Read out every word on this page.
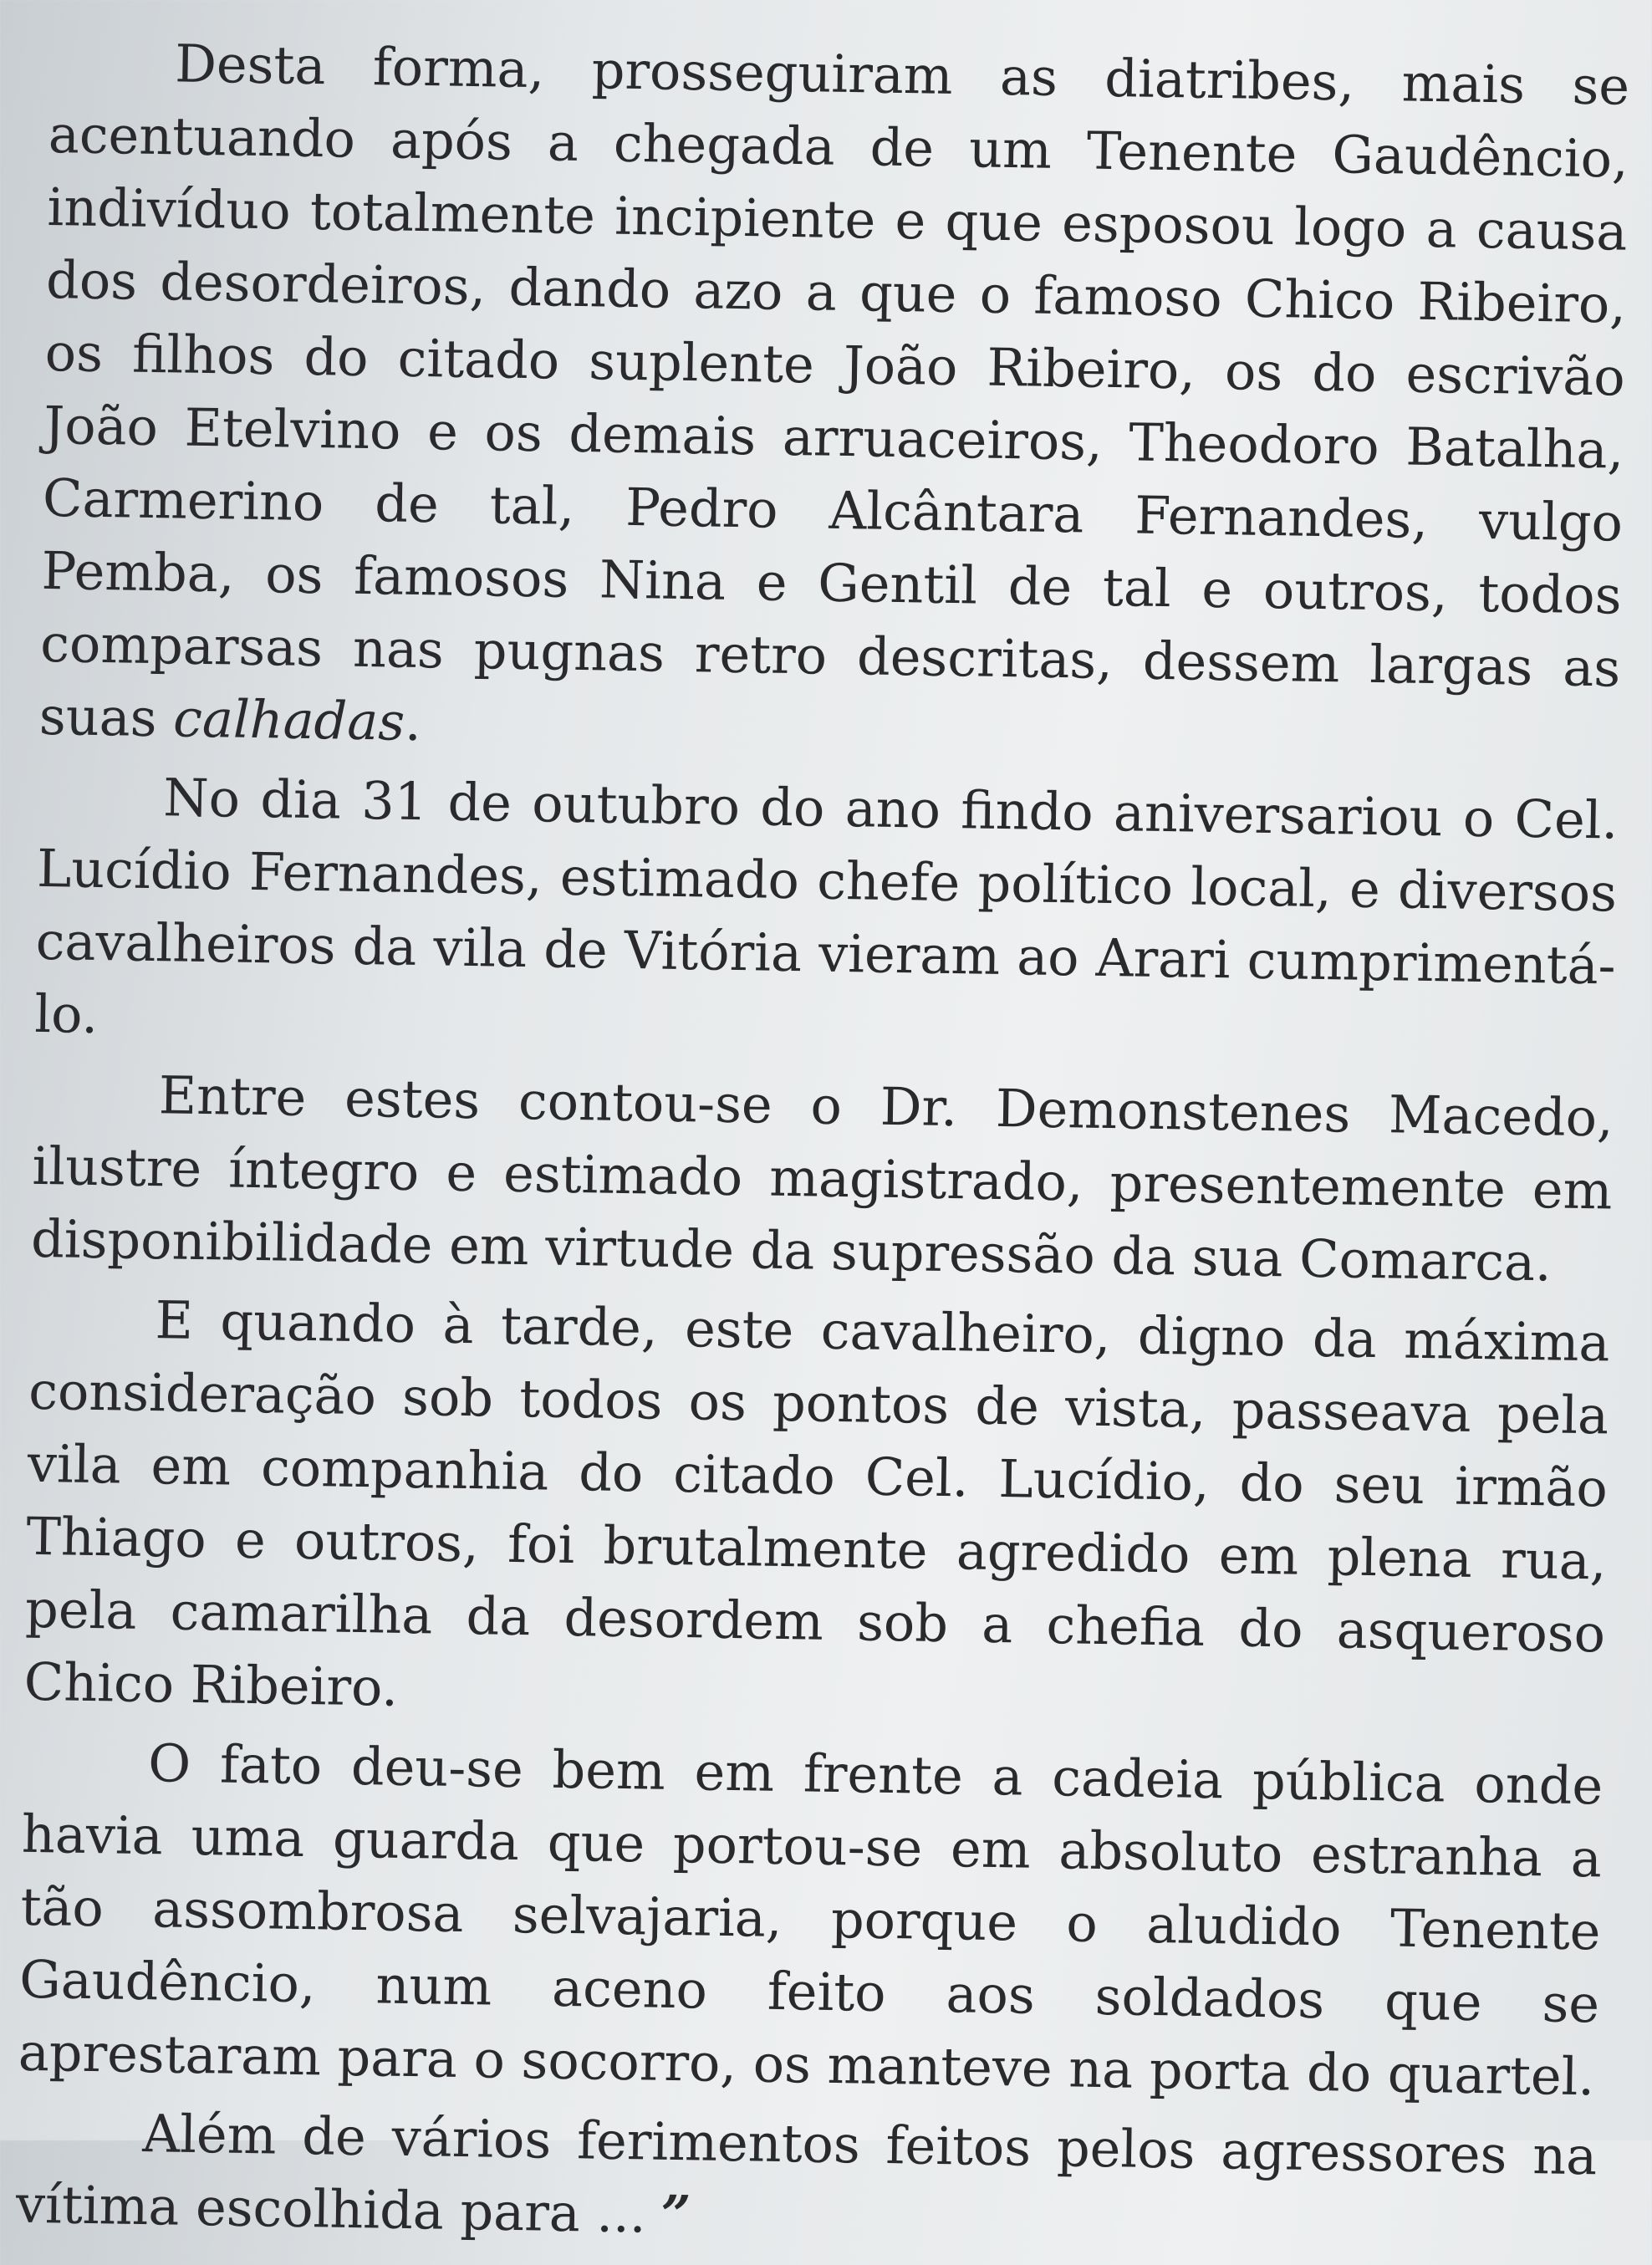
Desta forma, prosseguiram as diatribes, mais se acentuando após a chegada de um Tenente Gaudêncio, indivíduo totalmente incipiente e que esposou logo a causa dos desordeiros, dando azo a que o famoso Chico Ribeiro, os filhos do citado suplente João Ribeiro, os do escrivão João Etelvino e os demais arruaceiros, Theodoro Batalha, Carmerino de tal, Pedro Alcântara Fernandes, vulgo Pemba, os famosos Nina e Gentil de tal e outros, todos comparsas nas pugnas retro descritas, dessem largas as suas calhadas.

No dia 31 de outubro do ano findo aniversariou o Cel. Lucídio Fernandes, estimado chefe político local, e diversos cavalheiros da vila de Vitória vieram ao Arari cumprimentá-lo.

Entre estes contou-se o Dr. Demonstenes Macedo, ilustre íntegro e estimado magistrado, presentemente em disponibilidade em virtude da supressão da sua Comarca.

E quando à tarde, este cavalheiro, digno da máxima consideração sob todos os pontos de vista, passeava pela vila em companhia do citado Cel. Lucídio, do seu irmão Thiago e outros, foi brutalmente agredido em plena rua, pela camarilha da desordem sob a chefia do asqueroso Chico Ribeiro.

O fato deu-se bem em frente a cadeia pública onde havia uma guarda que portou-se em absoluto estranha a tão assombrosa selvajaria, porque o aludido Tenente Gaudêncio, num aceno feito aos soldados que se aprestaram para o socorro, os manteve na porta do quartel.

Além de vários ferimentos feitos pelos agressores na vítima escolhida para ... ”
